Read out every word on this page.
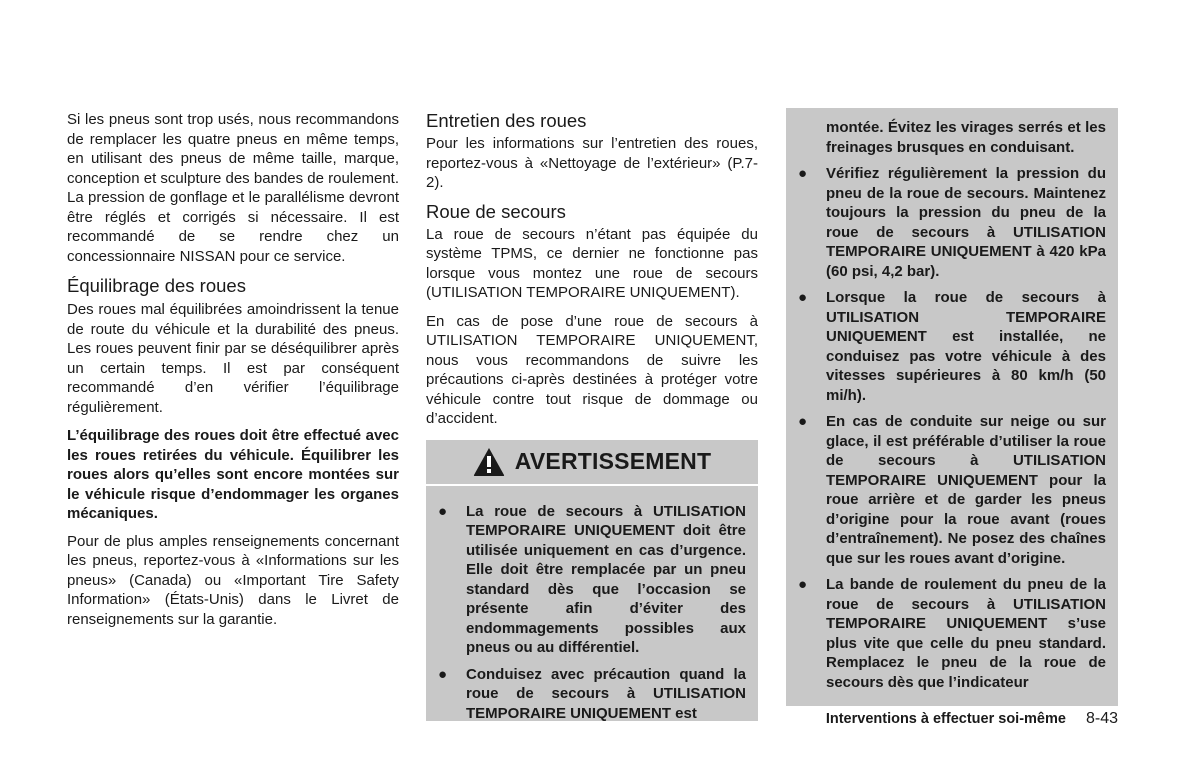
Si les pneus sont trop usés, nous recommandons de remplacer les quatre pneus en même temps, en utilisant des pneus de même taille, marque, conception et sculpture des bandes de roulement. La pression de gonflage et le parallélisme devront être réglés et corrigés si nécessaire. Il est recommandé de se rendre chez un concessionnaire NISSAN pour ce service.

Équilibrage des roues

Des roues mal équilibrées amoindrissent la tenue de route du véhicule et la durabilité des pneus. Les roues peuvent finir par se déséquilibrer après un certain temps. Il est par conséquent recommandé d’en vérifier l’équilibrage régulièrement.

L’équilibrage des roues doit être effectué avec les roues retirées du véhicule. Équilibrer les roues alors qu’elles sont encore montées sur le véhicule risque d’endommager les organes mécaniques.

Pour de plus amples renseignements concernant les pneus, reportez-vous à «Informations sur les pneus» (Canada) ou «Important Tire Safety Information» (États-Unis) dans le Livret de renseignements sur la garantie.

Entretien des roues

Pour les informations sur l’entretien des roues, reportez-vous à «Nettoyage de l’extérieur» (P.7-2).

Roue de secours

La roue de secours n’étant pas équipée du système TPMS, ce dernier ne fonctionne pas lorsque vous montez une roue de secours (UTILISATION TEMPORAIRE UNIQUEMENT).

En cas de pose d’une roue de secours à UTILISATION TEMPORAIRE UNIQUEMENT, nous vous recommandons de suivre les précautions ci-après destinées à protéger votre véhicule contre tout risque de dommage ou d’accident.

AVERTISSEMENT
● La roue de secours à UTILISATION TEMPORAIRE UNIQUEMENT doit être utilisée uniquement en cas d’urgence. Elle doit être remplacée par un pneu standard dès que l’occasion se présente afin d’éviter des endommagements possibles aux pneus ou au différentiel.

● Conduisez avec précaution quand la roue de secours à UTILISATION TEMPORAIRE UNIQUEMENT est

montée. Évitez les virages serrés et les freinages brusques en conduisant.

● Vérifiez régulièrement la pression du pneu de la roue de secours. Maintenez toujours la pression du pneu de la roue de secours à UTILISATION TEMPORAIRE UNIQUEMENT à 420 kPa (60 psi, 4,2 bar).

● Lorsque la roue de secours à UTILISATION TEMPORAIRE UNIQUEMENT est installée, ne conduisez pas votre véhicule à des vitesses supérieures à 80 km/h (50 mi/h).

● En cas de conduite sur neige ou sur glace, il est préférable d’utiliser la roue de secours à UTILISATION TEMPORAIRE UNIQUEMENT pour la roue arrière et de garder les pneus d’origine pour la roue avant (roues d’entraînement). Ne posez des chaînes que sur les roues avant d’origine.

● La bande de roulement du pneu de la roue de secours à UTILISATION TEMPORAIRE UNIQUEMENT s’use plus vite que celle du pneu standard. Remplacez le pneu de la roue de secours dès que l’indicateur

Interventions à effectuer soi-même 8-43
